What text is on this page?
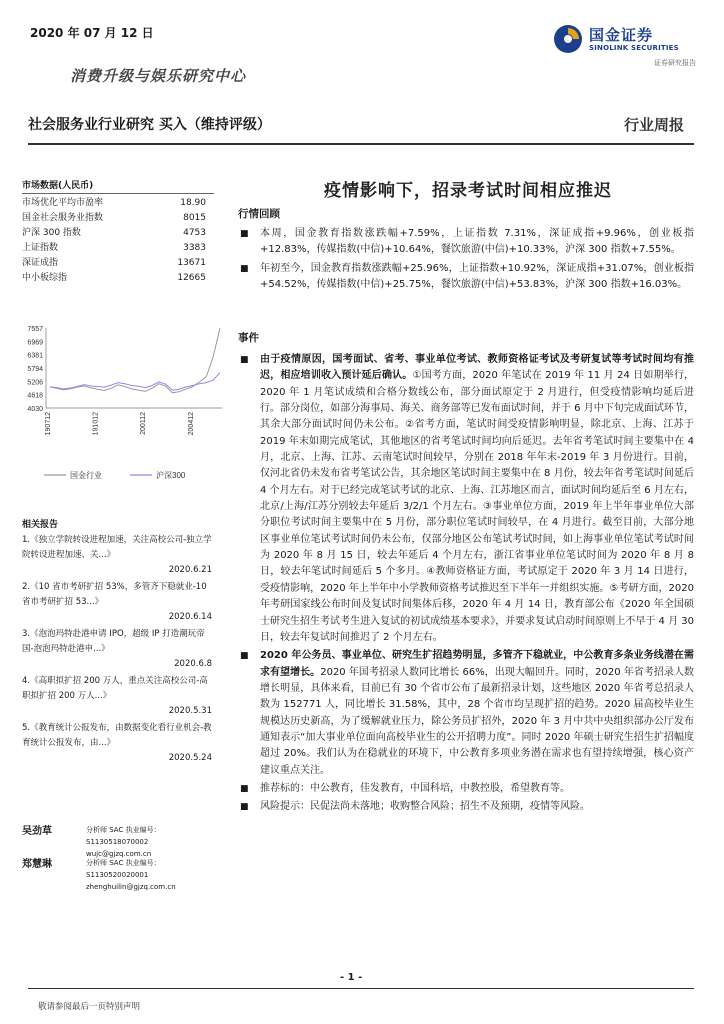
2020 年 07 月 12 日	国金证券
SINOLINK SECURITIES
证券研究报告
消费升级与娱乐研究中心
社会服务业行业研究 买入（维持评级）	行业周报
市场数据(人民币)
市场优化平均市盈率	18.90
国金社会服务业指数	8015
沪深 300 指数	4753
上证指数	3383
深证成指	13671
中小板综指	12665
7557
6969
6381
5794
5206
4618
4030
190712	191012	200112	200412
国金行业	沪深300
相关报告
1.《独立学院转设进程加速，关注高校公司-独立学院转设进程加速、关...》
2020.6.21
2.《10 省市考研扩招 53%，多管齐下稳就业-10 省市考研扩招 53...》
2020.6.14
3.《泡泡玛特赴港申请 IPO，超级 IP 打造潮玩帝国-泡泡玛特赴港申...》
2020.6.8
4.《高职拟扩招 200 万人，重点关注高校公司-高职拟扩招 200 万人...》
2020.5.31
5.《教育统计公报发布，由数据变化看行业机会-教育统计公报发布，由...》
2020.5.24
吴劲草	分析师 SAC 执业编号：S1130518070002
wujc@gjzq.com.cn
郑慧琳	分析师 SAC 执业编号：S1130520020001
zhenghuilin@gjzq.com.cn
疫情影响下，招录考试时间相应推迟
行情回顾
■ 本周，国金教育指数涨跌幅+7.59%，上证指数 7.31%，深证成指+9.96%，创业板指+12.83%，传媒指数(中信)+10.64%，餐饮旅游(中信)+10.33%，沪深 300 指数+7.55%。
■ 年初至今，国金教育指数涨跌幅+25.96%，上证指数+10.92%，深证成指+31.07%，创业板指+54.52%，传媒指数(中信)+25.75%，餐饮旅游(中信)+53.83%，沪深 300 指数+16.03%。
事件
■ 由于疫情原因，国考面试、省考、事业单位考试、教师资格证考试及考研复试等考试时间均有推迟，相应培训收入预计延后确认。①国考方面，2020 年笔试在 2019 年 11 月 24 日如期举行，2020 年 1 月笔试成绩和合格分数线公布，部分面试原定于 2 月进行，但受疫情影响均延后进行。部分岗位，如部分海事局、海关、商务部等已发布面试时间，并于 6 月中下旬完成面试环节，其余大部分面试时间仍未公布。②省考方面，笔试时间受疫情影响明显，除北京、上海、江苏于 2019 年末如期完成笔试，其他地区的省考笔试时间均向后延迟。去年省考笔试时间主要集中在 4 月，北京、上海、江苏、云南笔试时间较早，分别在 2018 年年末-2019 年 3 月份进行。目前，仅河北省仍未发布省考笔试公告，其余地区笔试时间主要集中在 8 月份，较去年省考笔试时间延后 4 个月左右。对于已经完成笔试考试的北京、上海、江苏地区而言，面试时间均延后至 6 月左右，北京/上海/江苏分别较去年延后 3/2/1 个月左右。③事业单位方面，2019 年上半年事业单位大部分职位考试时间主要集中在 5 月份，部分职位笔试时间较早，在 4 月进行。截至目前，大部分地区事业单位笔试考试时间仍未公布，仅部分地区公布笔试考试时间，如上海事业单位笔试考试时间为 2020 年 8 月 15 日，较去年延后 4 个月左右，浙江省事业单位笔试时间为 2020 年 8 月 8 日，较去年笔试时间延后 5 个多月。④教师资格证方面，考试原定于 2020 年 3 月 14 日进行，受疫情影响，2020 年上半年中小学教师资格考试推迟至下半年一并组织实施。⑤考研方面，2020 年考研国家线公布时间及复试时间集体后移，2020 年 4 月 14 日，教育部公布《2020 年全国硕士研究生招生考试考生进入复试的初试成绩基本要求》，并要求复试启动时间原则上不早于 4 月 30 日，较去年复试时间推迟了 2 个月左右。
■ 2020 年公务员、事业单位、研究生扩招趋势明显，多管齐下稳就业，中公教育多条业务线潜在需求有望增长。2020 年国考招录人数同比增长 66%，出现大幅回升。同时，2020 年省考招录人数增长明显，具体来看，目前已有 30 个省市公布了最新招录计划，这些地区 2020 年省考总招录人数为 152771 人，同比增长 31.58%，其中，28 个省市均呈现扩招的趋势。2020 届高校毕业生规模达历史新高，为了缓解就业压力，除公务员扩招外，2020 年 3 月中共中央组织部办公厅发布通知表示“加大事业单位面向高校毕业生的公开招聘力度”。同时 2020 年硕士研究生招生扩招幅度超过 20%。我们认为在稳就业的环境下，中公教育多项业务潜在需求也有望持续增强，核心资产建议重点关注。
■ 推荐标的：中公教育，佳发教育，中国科培，中教控股，希望教育等。
■ 风险提示：民促法尚未落地；收购整合风险；招生不及预期，疫情等风险。
- 1 -
敬请参阅最后一页特别声明
